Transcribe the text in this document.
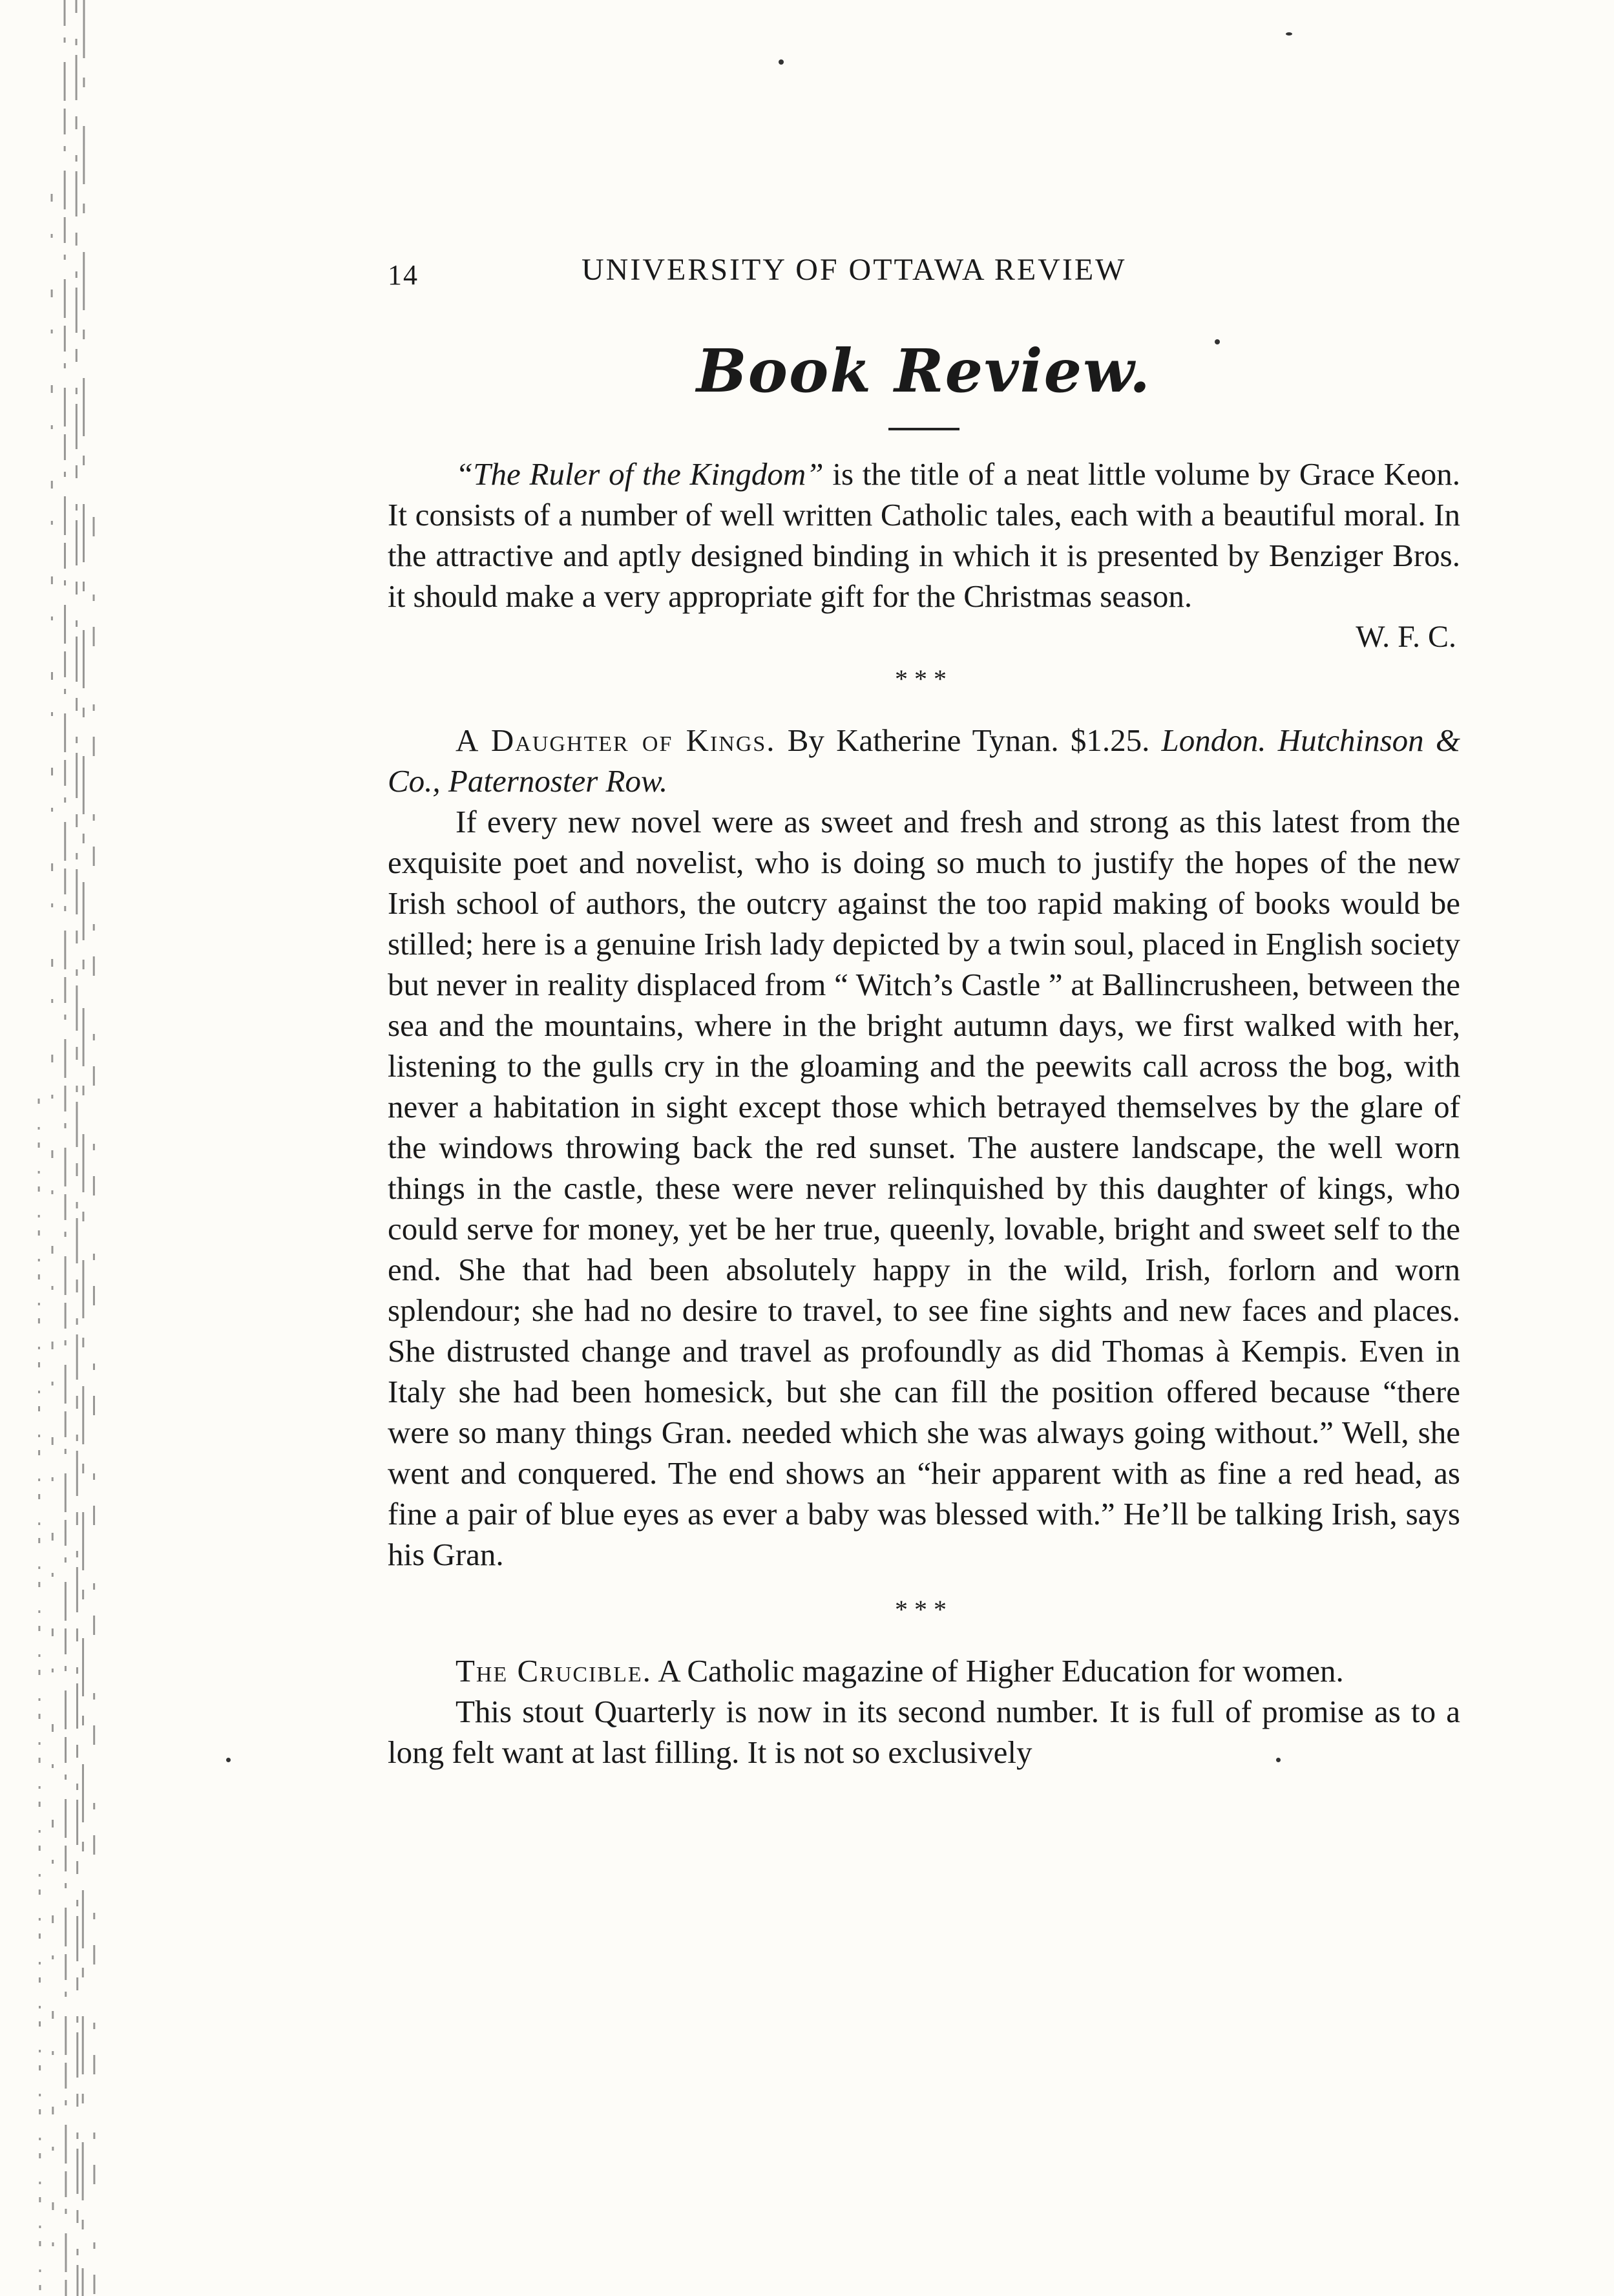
14	UNIVERSITY OF OTTAWA REVIEW
Book Review.

“The Ruler of the Kingdom” is the title of a neat little volume by Grace Keon. It consists of a number of well written Catholic tales, each with a beautiful moral. In the attractive and aptly designed binding in which it is presented by Benziger Bros. it should make a very appropriate gift for the Christmas season.

W. F. C.
***

A Daughter of Kings. By Katherine Tynan. $1.25. London. Hutchinson & Co., Paternoster Row.

If every new novel were as sweet and fresh and strong as this latest from the exquisite poet and novelist, who is doing so much to justify the hopes of the new Irish school of authors, the outcry against the too rapid making of books would be stilled; here is a genuine Irish lady depicted by a twin soul, placed in English society but never in reality displaced from “ Witch’s Castle ” at Ballincrusheen, between the sea and the mountains, where in the bright autumn days, we first walked with her, listening to the gulls cry in the gloaming and the peewits call across the bog, with never a habitation in sight except those which betrayed themselves by the glare of the windows throwing back the red sunset. The austere landscape, the well worn things in the castle, these were never relinquished by this daughter of kings, who could serve for money, yet be her true, queenly, lovable, bright and sweet self to the end. She that had been absolutely happy in the wild, Irish, forlorn and worn splendour; she had no desire to travel, to see fine sights and new faces and places. She distrusted change and travel as profoundly as did Thomas à Kempis. Even in Italy she had been homesick, but she can fill the position offered because “there were so many things Gran. needed which she was always going without.” Well, she went and conquered. The end shows an “heir apparent with as fine a red head, as fine a pair of blue eyes as ever a baby was blessed with.” He’ll be talking Irish, says his Gran.

***

The Crucible. A Catholic magazine of Higher Education for women.

This stout Quarterly is now in its second number. It is full of promise as to a long felt want at last filling. It is not so exclusively
